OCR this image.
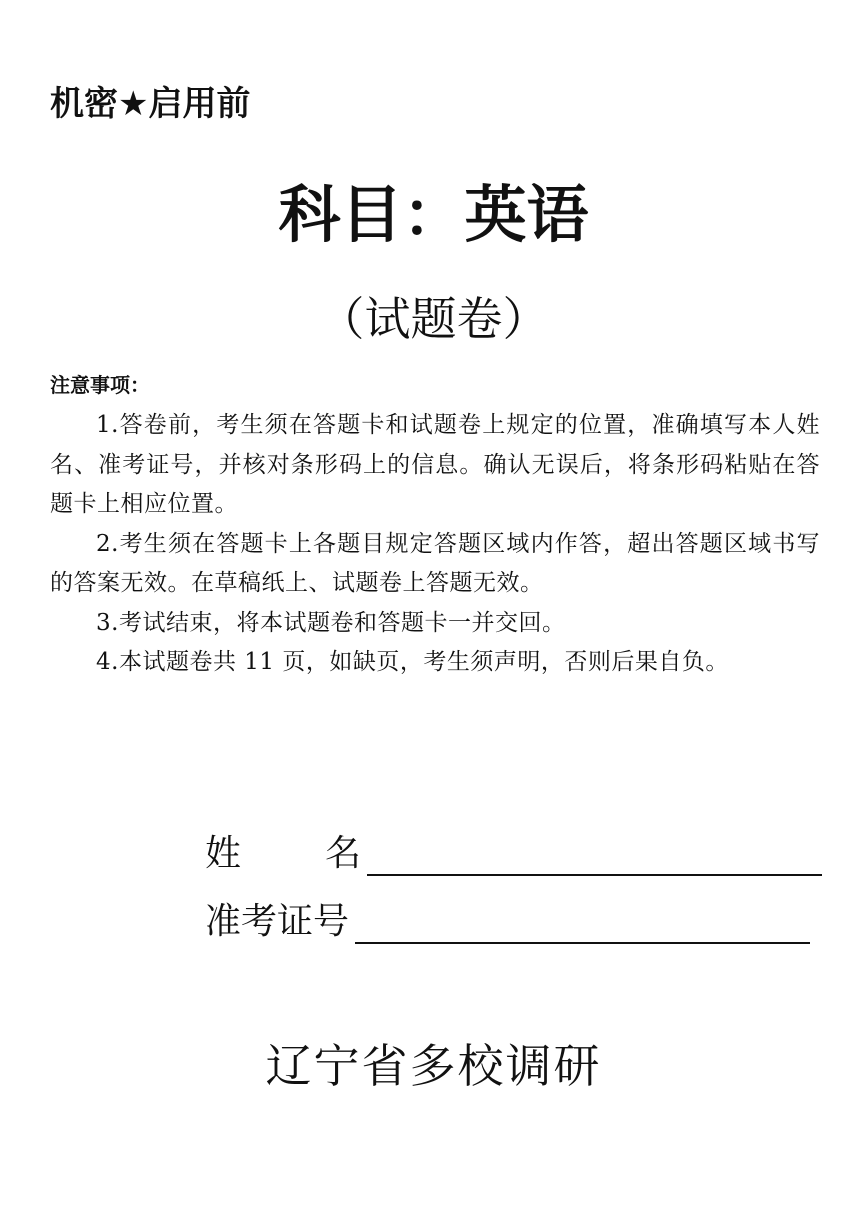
机密★启用前
科目：英语
（试题卷）
注意事项：

1.答卷前，考生须在答题卡和试题卷上规定的位置，准确填写本人姓名、准考证号，并核对条形码上的信息。确认无误后，将条形码粘贴在答题卡上相应位置。

2.考生须在答题卡上各题目规定答题区域内作答，超出答题区域书写的答案无效。在草稿纸上、试题卷上答题无效。

3.考试结束，将本试题卷和答题卡一并交回。

4.本试题卷共 11 页，如缺页，考生须声明，否则后果自负。

姓名
准考证号
辽宁省多校调研
